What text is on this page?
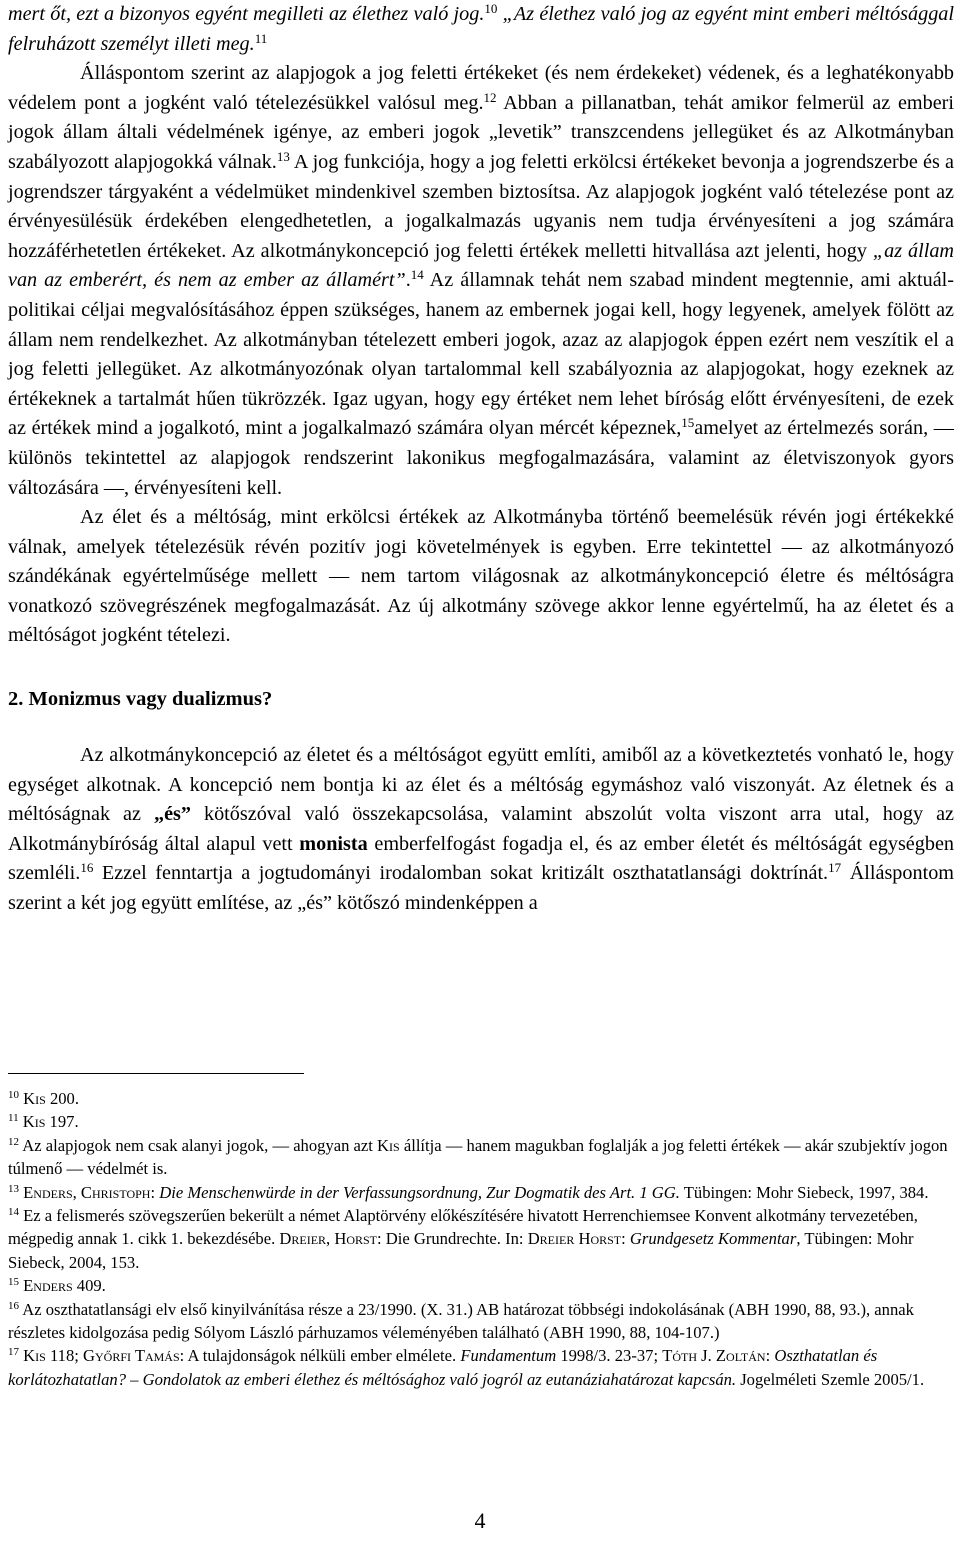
mert őt, ezt a bizonyos egyént megilleti az élethez való jog.$^{10}$ „Az élethez való jog az egyént mint emberi méltósággal felruházott személyt illeti meg.$^{11}$

Álláspontom szerint az alapjogok a jog feletti értékeket (és nem érdekeket) védenek, és a leghatékonyabb védelem pont a jogként való tételezésükkel valósul meg.$^{12}$ Abban a pillanatban, tehát amikor felmerül az emberi jogok állam általi védelmének igénye, az emberi jogok „levetik” transzcendens jellegüket és az Alkotmányban szabályozott alapjogokká válnak.$^{13}$ A jog funkciója, hogy a jog feletti erkölcsi értékeket bevonja a jogrendszerbe és a jogrendszer tárgyaként a védelmüket mindenkivel szemben biztosítsa. Az alapjogok jogként való tételezése pont az érvényesülésük érdekében elengedhetetlen, a jogalkalmazás ugyanis nem tudja érvényesíteni a jog számára hozzáférhetetlen értékeket. Az alkotmánykoncepció jog feletti értékek melletti hitvallása azt jelenti, hogy „az állam van az emberért, és nem az ember az államért”.$^{14}$ Az államnak tehát nem szabad mindent megtennie, ami aktuál-politikai céljai megvalósításához éppen szükséges, hanem az embernek jogai kell, hogy legyenek, amelyek fölött az állam nem rendelkezhet. Az alkotmányban tételezett emberi jogok, azaz az alapjogok éppen ezért nem veszítik el a jog feletti jellegüket. Az alkotmányozónak olyan tartalommal kell szabályoznia az alapjogokat, hogy ezeknek az értékeknek a tartalmát hűen tükrözzék. Igaz ugyan, hogy egy értéket nem lehet bíróság előtt érvényesíteni, de ezek az értékek mind a jogalkotó, mint a jogalkalmazó számára olyan mércét képeznek,$^{15}$amelyet az értelmezés során, — különös tekintettel az alapjogok rendszerint lakonikus megfogalmazására, valamint az életviszonyok gyors változására —, érvényesíteni kell.

Az élet és a méltóság, mint erkölcsi értékek az Alkotmányba történő beemelésük révén jogi értékekké válnak, amelyek tételezésük révén pozitív jogi követelmények is egyben. Erre tekintettel — az alkotmányozó szándékának egyértelműsége mellett — nem tartom világosnak az alkotmánykoncepció életre és méltóságra vonatkozó szövegrészének megfogalmazását. Az új alkotmány szövege akkor lenne egyértelmű, ha az életet és a méltóságot jogként tételezi.

2. Monizmus vagy dualizmus?

Az alkotmánykoncepció az életet és a méltóságot együtt említi, amiből az a következtetés vonható le, hogy egységet alkotnak. A koncepció nem bontja ki az élet és a méltóság egymáshoz való viszonyát. Az életnek és a méltóságnak az „és” kötőszóval való összekapcsolása, valamint abszolút volta viszont arra utal, hogy az Alkotmánybíróság által alapul vett monista emberfelfogást fogadja el, és az ember életét és méltóságát egységben szemléli.$^{16}$ Ezzel fenntartja a jogtudományi irodalomban sokat kritizált oszthatatlansági doktrínát.$^{17}$ Álláspontom szerint a két jog együtt említése, az „és” kötőszó mindenképpen a

$^{10}$ Kis 200.

$^{11}$ Kis 197.

$^{12}$ Az alapjogok nem csak alanyi jogok, — ahogyan azt Kis állítja — hanem magukban foglalják a jog feletti értékek — akár szubjektív jogon túlmenő — védelmét is.

$^{13}$ Enders, Christoph: Die Menschenwürde in der Verfassungsordnung, Zur Dogmatik des Art. 1 GG. Tübingen: Mohr Siebeck, 1997, 384.

$^{14}$ Ez a felismerés szövegszerűen bekerült a német Alaptörvény előkészítésére hivatott Herrenchiemsee Konvent alkotmány tervezetében, mégpedig annak 1. cikk 1. bekezdésébe. Dreier, Horst: Die Grundrechte. In: Dreier Horst: Grundgesetz Kommentar, Tübingen: Mohr Siebeck, 2004, 153.

$^{15}$ Enders 409.

$^{16}$ Az oszthatatlansági elv első kinyilvánítása része a 23/1990. (X. 31.) AB határozat többségi indokolásának (ABH 1990, 88, 93.), annak részletes kidolgozása pedig Sólyom László párhuzamos véleményében található (ABH 1990, 88, 104-107.)

$^{17}$ Kis 118; Győrfi Tamás: A tulajdonságok nélküli ember elmélete. Fundamentum 1998/3. 23-37; Tóth J. Zoltán: Oszthatatlan és korlátozhatatlan? – Gondolatok az emberi élethez és méltósághoz való jogról az eutanáziahatározat kapcsán. Jogelméleti Szemle 2005/1.

4
